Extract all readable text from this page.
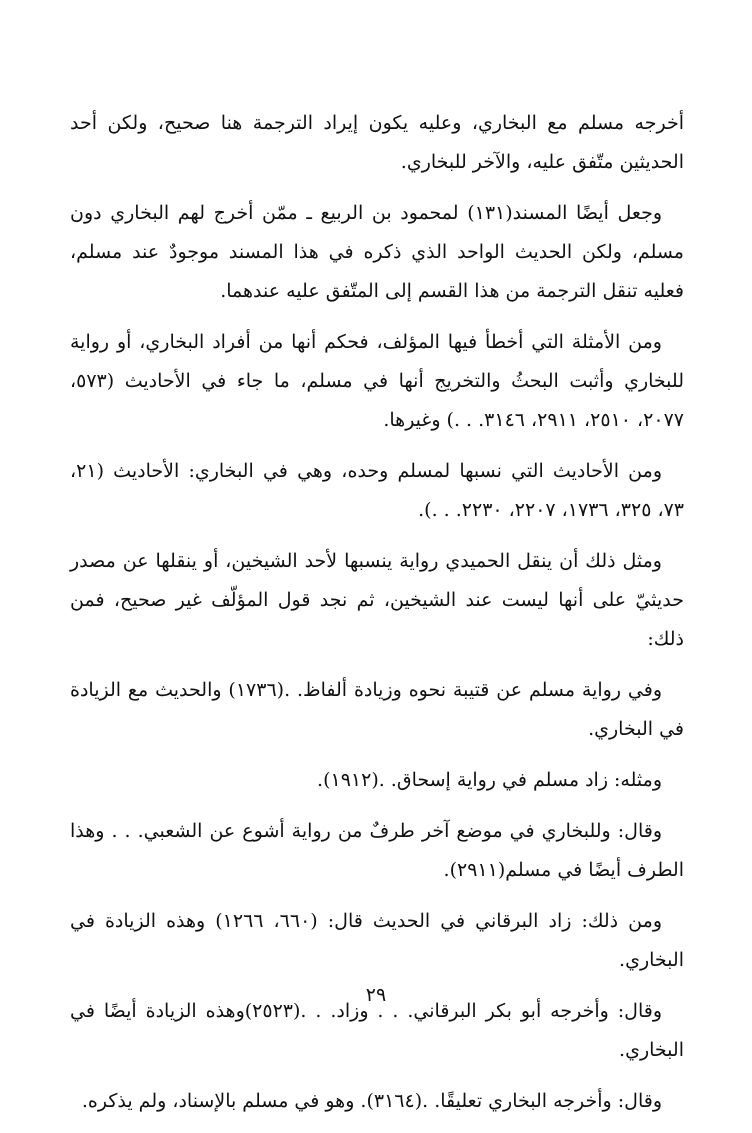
أخرجه مسلم مع البخاري، وعليه يكون إيراد الترجمة هنا صحيح، ولكن أحد الحديثين متّفق عليه، والآخر للبخاري.

وجعل أيضًا المسند(١٣١) لمحمود بن الربيع ـ ممّن أخرج لهم البخاري دون مسلم، ولكن الحديث الواحد الذي ذكره في هذا المسند موجودٌ عند مسلم، فعليه تنقل الترجمة من هذا القسم إلى المتّفق عليه عندهما.

ومن الأمثلة التي أخطأ فيها المؤلف، فحكم أنها من أفراد البخاري، أو رواية للبخاري وأثبت البحثُ والتخريج أنها في مسلم، ما جاء في الأحاديث (٥٧٣، ٢٠٧٧، ٢٥١٠، ٢٩١١، ٣١٤٦. . .) وغيرها.

ومن الأحاديث التي نسبها لمسلم وحده، وهي في البخاري: الأحاديث (٢١، ٧٣، ٣٢٥، ١٧٣٦، ٢٢٠٧، ٢٢٣٠. . .).

ومثل ذلك أن ينقل الحميدي رواية ينسبها لأحد الشيخين، أو ينقلها عن مصدر حديثيّ على أنها ليست عند الشيخين، ثم نجد قول المؤلّف غير صحيح، فمن ذلك:

وفي رواية مسلم عن قتيبة نحوه وزيادة ألفاظ. .(١٧٣٦) والحديث مع الزيادة في البخاري.

ومثله: زاد مسلم في رواية إسحاق. .(١٩١٢).

وقال: وللبخاري في موضع آخر طرفٌ من رواية أشوع عن الشعبي. . . وهذا الطرف أيضًا في مسلم(٢٩١١).

ومن ذلك: زاد البرقاني في الحديث قال: (٦٦٠، ١٢٦٦) وهذه الزيادة في البخاري.

وقال: وأخرجه أبو بكر البرقاني. . . وزاد. . .(٢٥٢٣)وهذه الزيادة أيضًا في البخاري.

وقال: وأخرجه البخاري تعليقًا. .(٣١٦٤). وهو في مسلم بالإسناد، ولم يذكره.

٢٩
